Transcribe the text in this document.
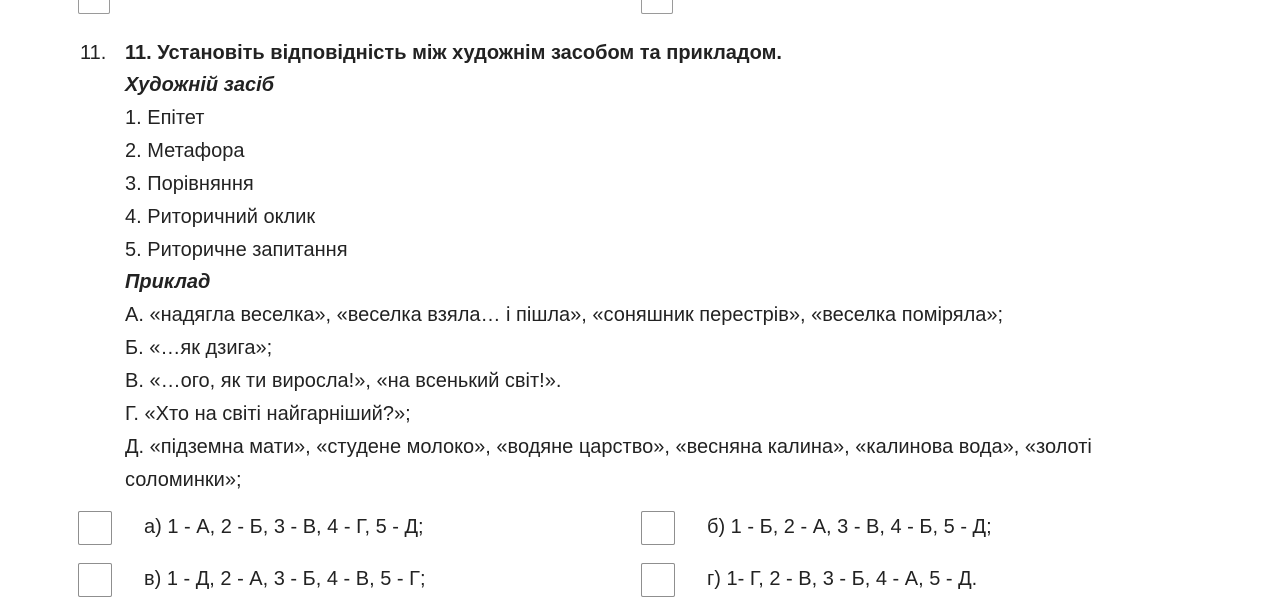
11. 11. Установіть відповідність між художнім засобом та прикладом.

Художній засіб
1. Епітет
2. Метафора
3. Порівняння
4. Риторичний оклик
5. Риторичне запитання
Приклад
А. «надягла веселка», «веселка взяла… і пішла», «соняшник перестрів», «веселка поміряла»;
Б. «…як дзига»;
В. «…ого, як ти виросла!», «на всенький світ!».
Г. «Хто на світі найгарніший?»;
Д. «підземна мати», «студене молоко», «водяне царство», «весняна калина», «калинова вода», «золоті
соломинки»;
а) 1 - А, 2 - Б, 3 - В, 4 - Г, 5 - Д;	б) 1 - Б, 2 - А, 3 - В, 4 - Б, 5 - Д;
в) 1 - Д, 2 - А, 3 - Б, 4 - В, 5 - Г;	г) 1- Г, 2 - В, 3 - Б, 4 - А, 5 - Д.
